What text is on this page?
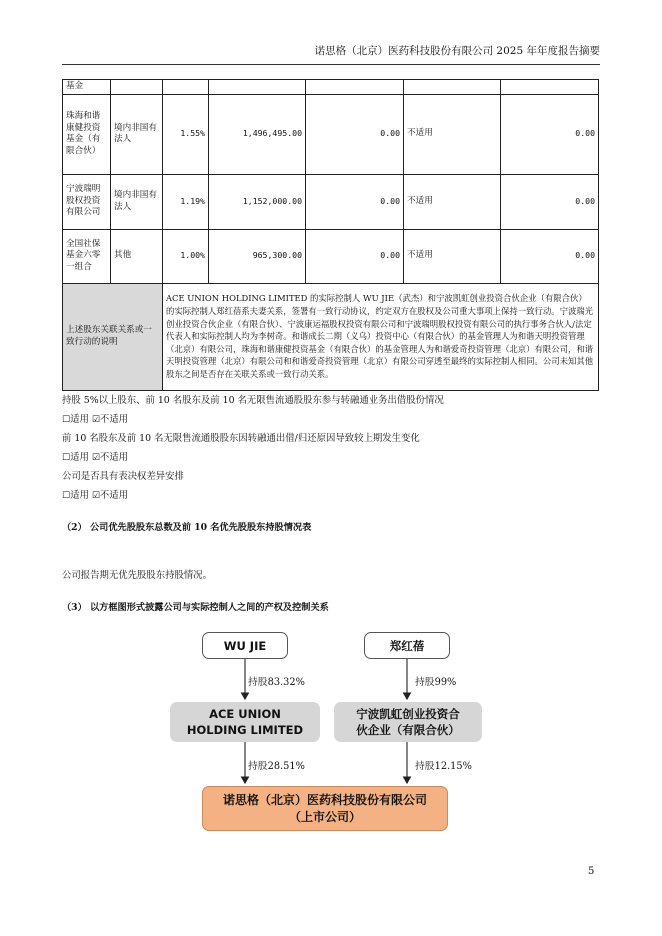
诺思格（北京）医药科技股份有限公司 2025 年年度报告摘要
基金						
珠海和谐康健投资基金（有限合伙）	境内非国有法人	1.55%	1,496,495.00	0.00	不适用	0.00
宁波瑞明股权投资有限公司	境内非国有法人	1.19%	1,152,000.00	0.00	不适用	0.00
全国社保基金六零一组合	其他	1.00%	965,300.00	0.00	不适用	0.00
上述股东关联关系或一致行动的说明		ACE UNION HOLDING LIMITED 的实际控制人 WU JIE（武杰）和宁波凯虹创业投资合伙企业（有限合伙）的实际控制人郑红蓓系夫妻关系，签署有一致行动协议，约定双方在股权及公司重大事项上保持一致行动。宁波瑞光创业投资合伙企业（有限合伙）、宁波康运福股权投资有限公司和宁波瑞明股权投资有限公司的执行事务合伙人/法定代表人和实际控制人均为李树奇。和谐成长二期（义乌）投资中心（有限合伙）的基金管理人为和谐天明投资管理（北京）有限公司，珠海和谐康健投资基金（有限合伙）的基金管理人为和谐爱奇投资管理（北京）有限公司，和谐天明投资管理（北京）有限公司和和谐爱奇投资管理（北京）有限公司穿透至最终的实际控制人相同。公司未知其他股东之间是否存在关联关系或一致行动关系。				
持股 5%以上股东、前 10 名股东及前 10 名无限售流通股股东参与转融通业务出借股份情况
☐适用 ☑不适用
前 10 名股东及前 10 名无限售流通股股东因转融通出借/归还原因导致较上期发生变化
☐适用 ☑不适用
公司是否具有表决权差异安排
☐适用 ☑不适用
（2） 公司优先股股东总数及前 10 名优先股股东持股情况表
公司报告期无优先股股东持股情况。
（3） 以方框图形式披露公司与实际控制人之间的产权及控制关系
WU JIE	郑红蓓
持股83.32%	持股99%
ACE UNION
HOLDING LIMITED
宁波凯虹创业投资合
伙企业（有限合伙）
持股28.51%	持股12.15%
诺思格（北京）医药科技股份有限公司
（上市公司）
5
